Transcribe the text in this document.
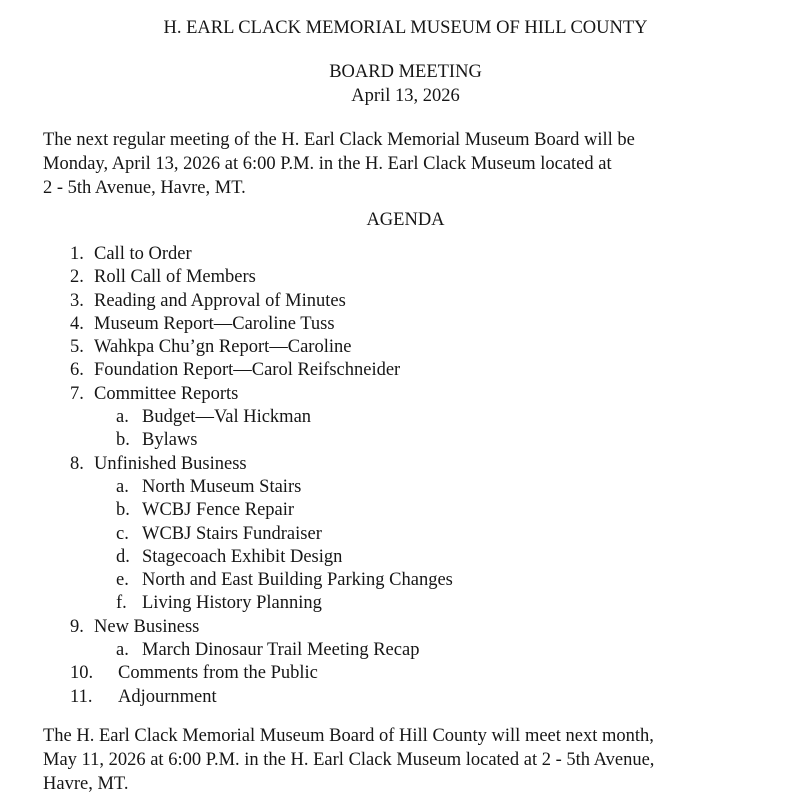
H. EARL CLACK MEMORIAL MUSEUM OF HILL COUNTY
BOARD MEETING
April 13, 2026
The next regular meeting of the H. Earl Clack Memorial Museum Board will be
Monday, April 13, 2026 at 6:00 P.M. in the H. Earl Clack Museum located at
2 - 5th Avenue, Havre, MT.
AGENDA
1. Call to Order
2. Roll Call of Members
3. Reading and Approval of Minutes
4. Museum Report—Caroline Tuss
5. Wahkpa Chu’gn Report—Caroline
6. Foundation Report—Carol Reifschneider
7. Committee Reports
a. Budget—Val Hickman
b. Bylaws
8. Unfinished Business
a. North Museum Stairs
b. WCBJ Fence Repair
c. WCBJ Stairs Fundraiser
d. Stagecoach Exhibit Design
e. North and East Building Parking Changes
f. Living History Planning
9. New Business
a. March Dinosaur Trail Meeting Recap
10.	Comments from the Public
11.	Adjournment
The H. Earl Clack Memorial Museum Board of Hill County will meet next month,
May 11, 2026 at 6:00 P.M. in the H. Earl Clack Museum located at 2 - 5th Avenue,
Havre, MT.
